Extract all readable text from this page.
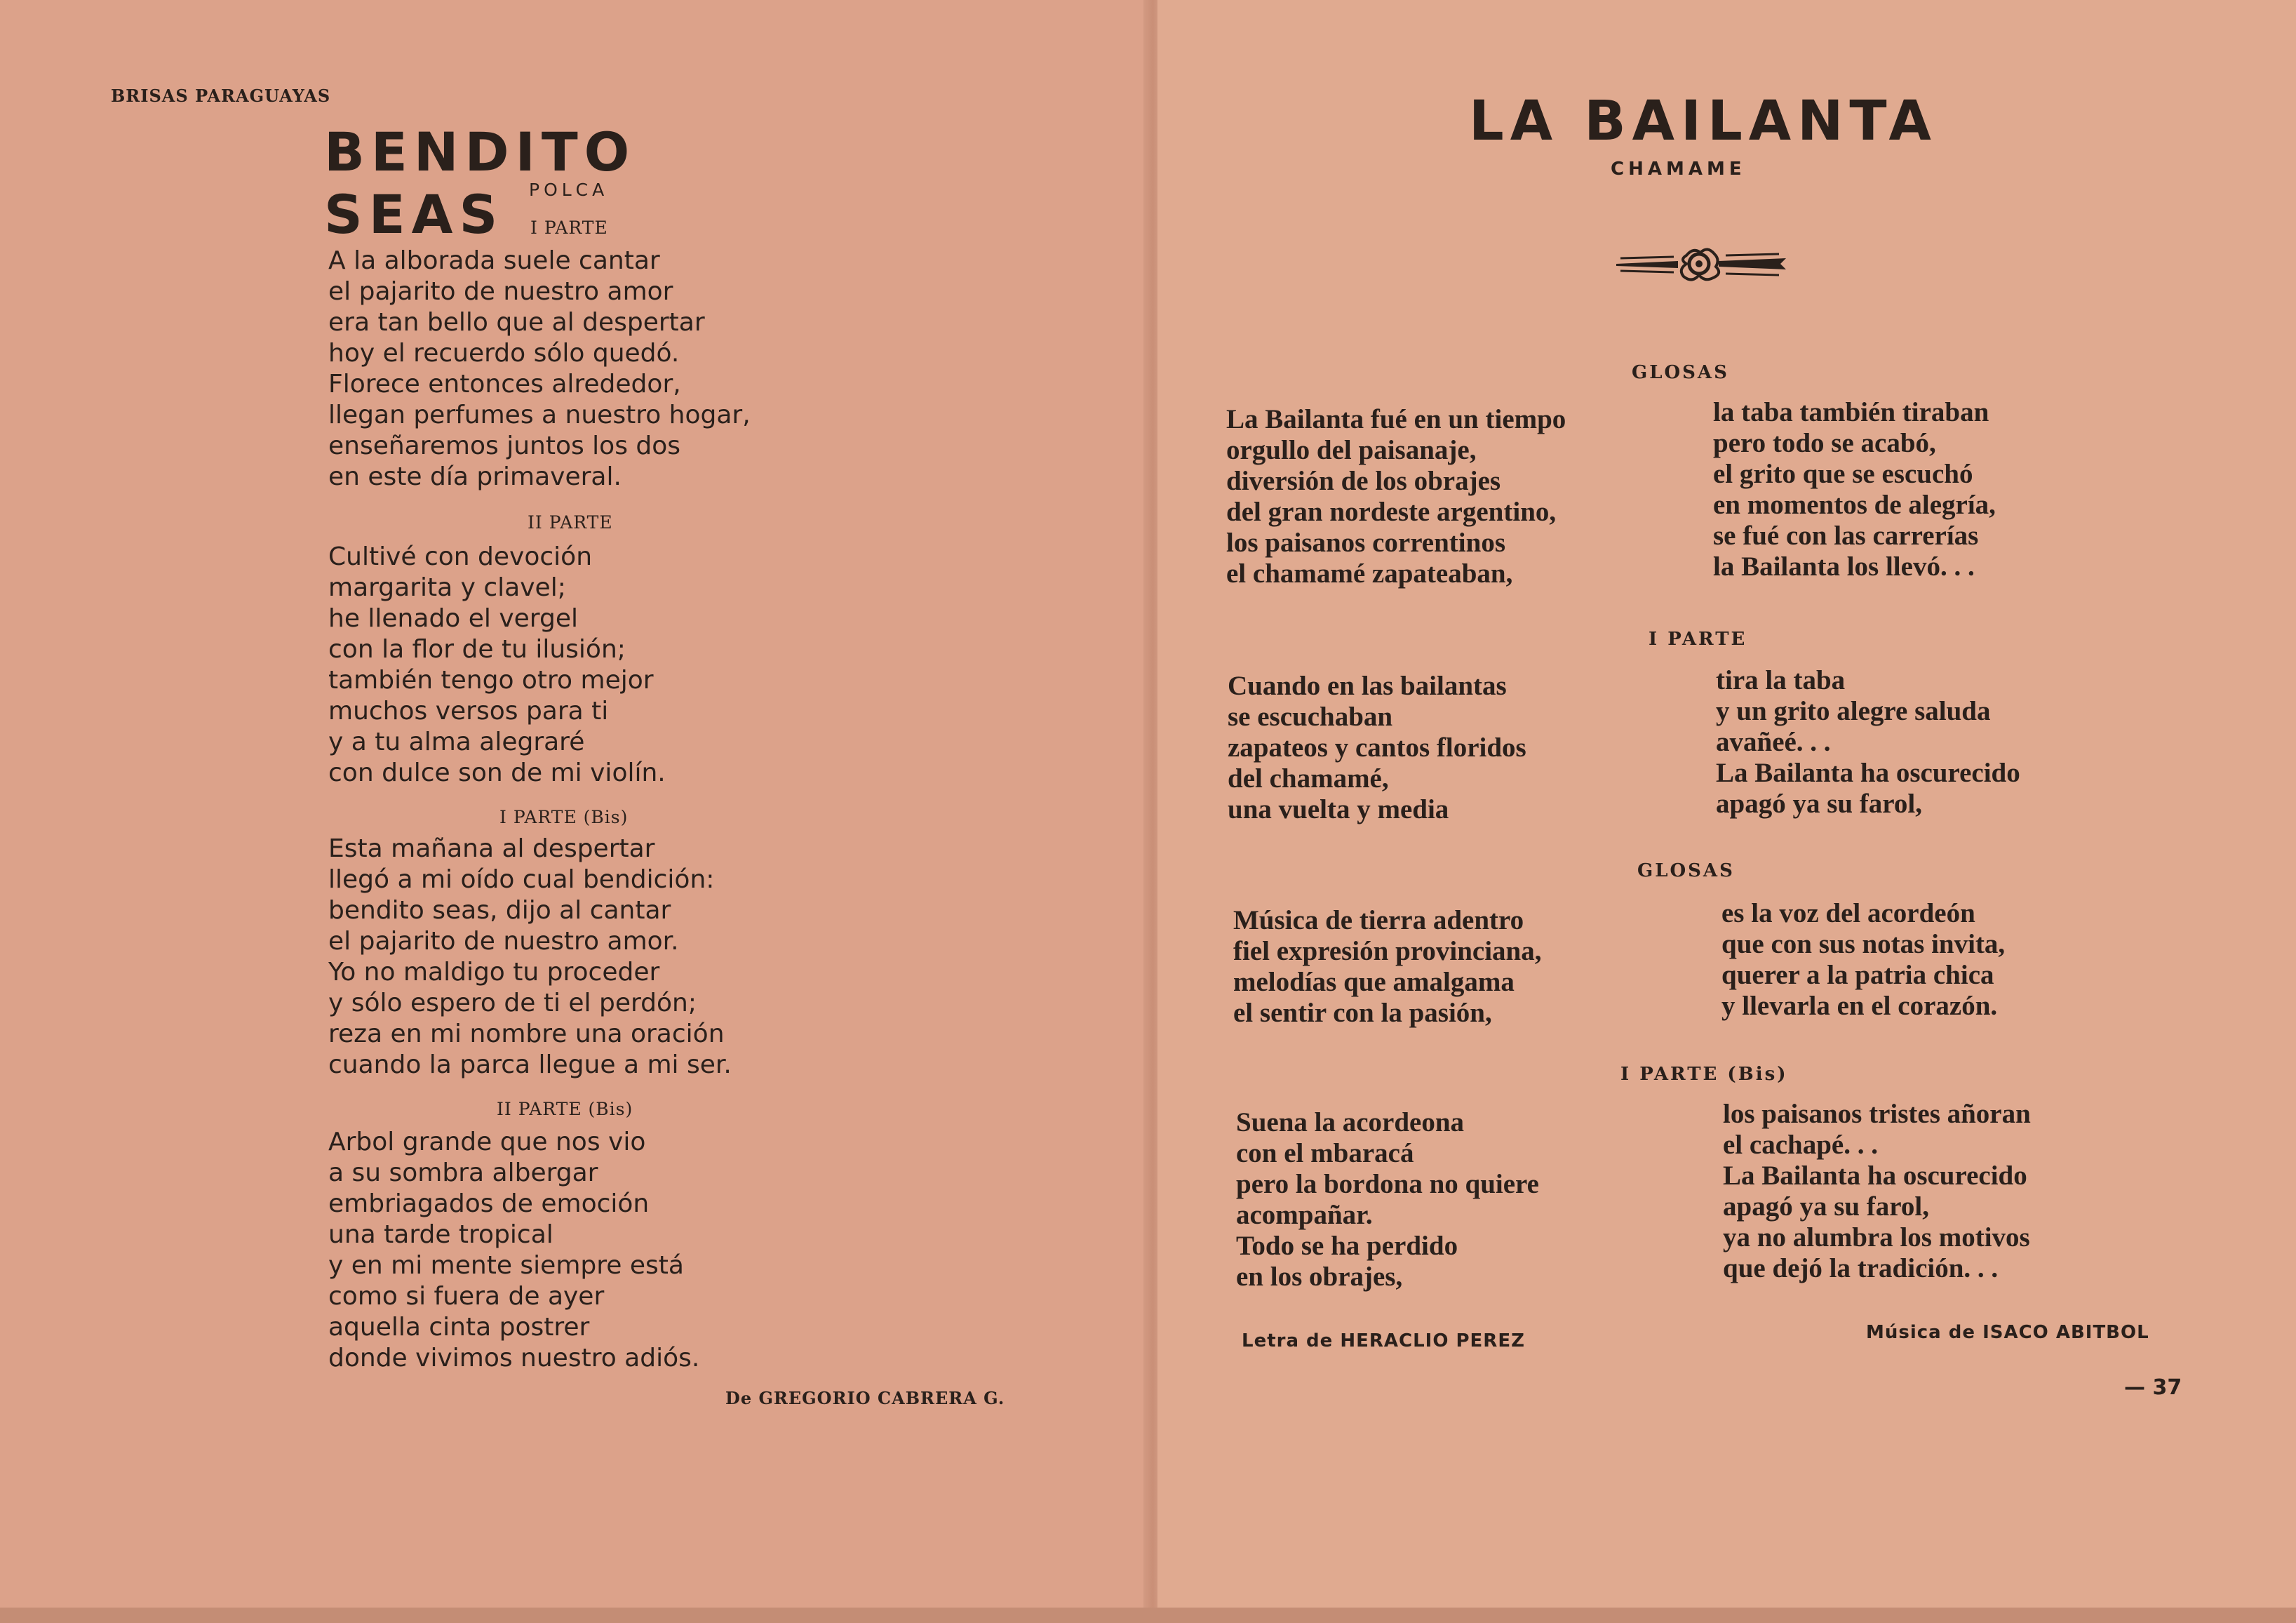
BRISAS PARAGUAYAS
BENDITO SEAS	POLCA
I PARTE
A la alborada suele cantar
el pajarito de nuestro amor
era tan bello que al despertar
hoy el recuerdo sólo quedó.
Florece entonces alrededor,
llegan perfumes a nuestro hogar,
enseñaremos juntos los dos
en este día primaveral.
II PARTE
Cultivé con devoción
margarita y clavel;
he llenado el vergel
con la flor de tu ilusión;
también tengo otro mejor
muchos versos para ti
y a tu alma alegraré
con dulce son de mi violín.
I PARTE (Bis)
Esta mañana al despertar
llegó a mi oído cual bendición:
bendito seas, dijo al cantar
el pajarito de nuestro amor.
Yo no maldigo tu proceder
y sólo espero de ti el perdón;
reza en mi nombre una oración
cuando la parca llegue a mi ser.
II PARTE (Bis)
Arbol grande que nos vio
a su sombra albergar
embriagados de emoción
una tarde tropical
y en mi mente siempre está
como si fuera de ayer
aquella cinta postrer
donde vivimos nuestro adiós.
De GREGORIO CABRERA G.
LA BAILANTA
CHAMAME
GLOSAS
La Bailanta fué en un tiempo
orgullo del paisanaje,
diversión de los obrajes
del gran nordeste argentino,
los paisanos correntinos
el chamamé zapateaban,
la taba también tiraban
pero todo se acabó,
el grito que se escuchó
en momentos de alegría,
se fué con las carrerías
la Bailanta los llevó. . .
I PARTE
Cuando en las bailantas
se escuchaban
zapateos y cantos floridos
del chamamé,
una vuelta y media
tira la taba
y un grito alegre saluda
avañeé. . .
La Bailanta ha oscurecido
apagó ya su farol,
GLOSAS
Música de tierra adentro
fiel expresión provinciana,
melodías que amalgama
el sentir con la pasión,
es la voz del acordeón
que con sus notas invita,
querer a la patria chica
y llevarla en el corazón.
I PARTE (Bis)
Suena la acordeona
con el mbaracá
pero la bordona no quiere
acompañar.
Todo se ha perdido
en los obrajes,
los paisanos tristes añoran
el cachapé. . .
La Bailanta ha oscurecido
apagó ya su farol,
ya no alumbra los motivos
que dejó la tradición. . .
Letra de HERACLIO PEREZ	Música de ISACO ABITBOL
— 37
